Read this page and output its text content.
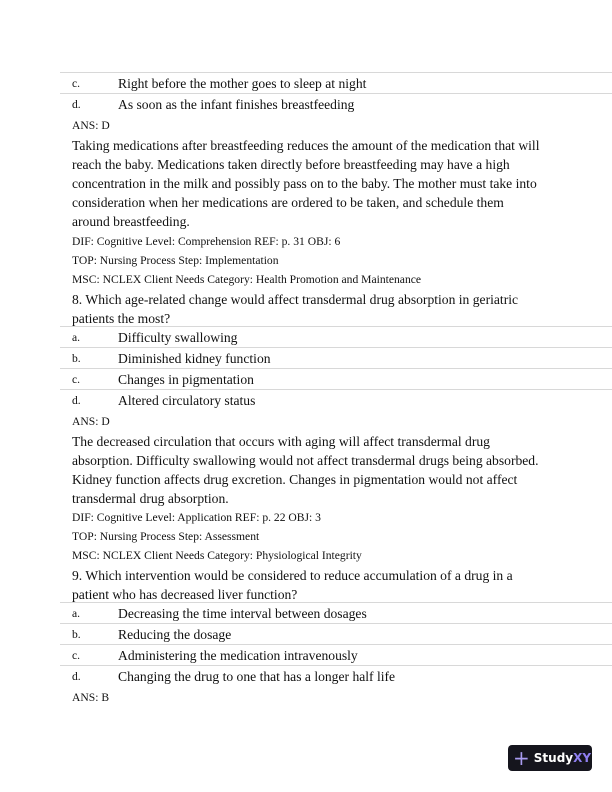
c.	Right before the mother goes to sleep at night
d.	As soon as the infant finishes breastfeeding
ANS: D
Taking medications after breastfeeding reduces the amount of the medication that will
reach the baby. Medications taken directly before breastfeeding may have a high
concentration in the milk and possibly pass on to the baby. The mother must take into
consideration when her medications are ordered to be taken, and schedule them
around breastfeeding.
DIF: Cognitive Level: Comprehension REF: p. 31 OBJ: 6
TOP: Nursing Process Step: Implementation
MSC: NCLEX Client Needs Category: Health Promotion and Maintenance
8. Which age-related change would affect transdermal drug absorption in geriatric
patients the most?
a.	Difficulty swallowing
b.	Diminished kidney function
c.	Changes in pigmentation
d.	Altered circulatory status
ANS: D
The decreased circulation that occurs with aging will affect transdermal drug
absorption. Difficulty swallowing would not affect transdermal drugs being absorbed.
Kidney function affects drug excretion. Changes in pigmentation would not affect
transdermal drug absorption.
DIF: Cognitive Level: Application REF: p. 22 OBJ: 3
TOP: Nursing Process Step: Assessment
MSC: NCLEX Client Needs Category: Physiological Integrity
9. Which intervention would be considered to reduce accumulation of a drug in a
patient who has decreased liver function?
a.	Decreasing the time interval between dosages
b.	Reducing the dosage
c.	Administering the medication intravenously
d.	Changing the drug to one that has a longer half life
ANS: B
+ Study XY
